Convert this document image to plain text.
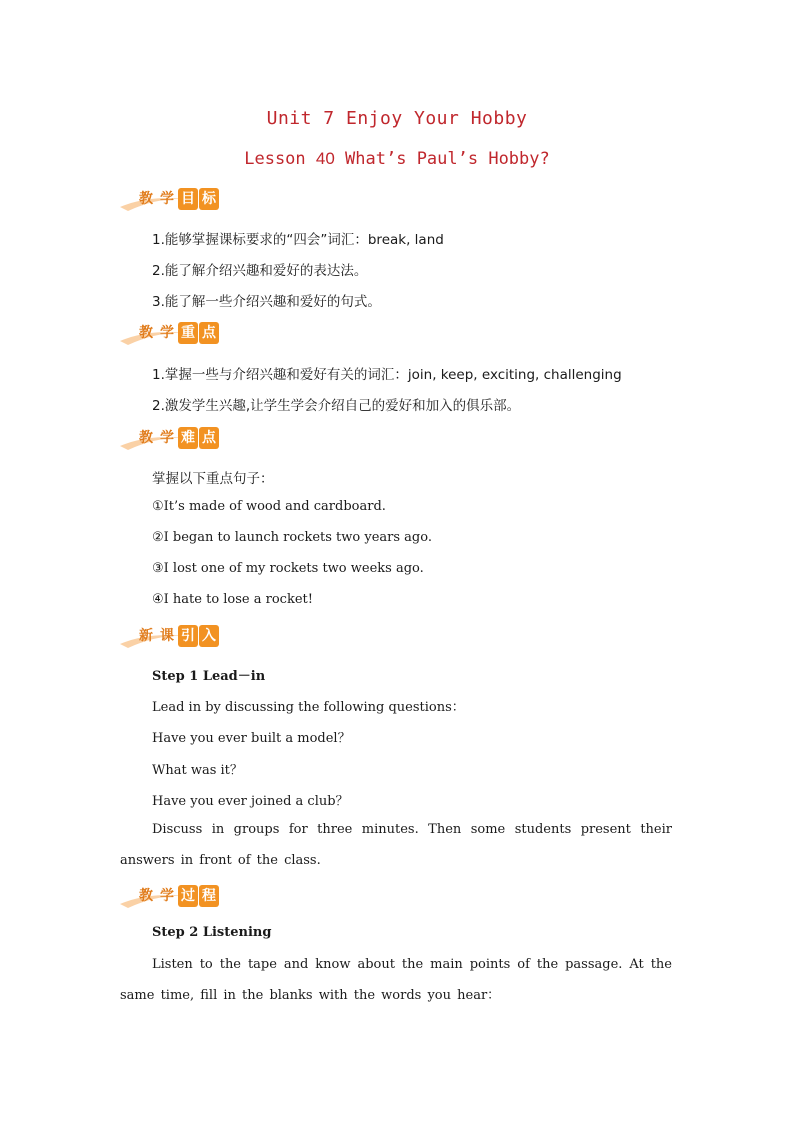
Unit 7 Enjoy Your Hobby
Lesson 40 What’s Paul’s Hobby?
教 学 目 标
1.能够掌握课标要求的“四会”词汇：break, land
2.能了解介绍兴趣和爱好的表达法。
3.能了解一些介绍兴趣和爱好的句式。
教 学 重 点
1.掌握一些与介绍兴趣和爱好有关的词汇：join, keep, exciting, challenging
2.激发学生兴趣,让学生学会介绍自己的爱好和加入的俱乐部。
教 学 难 点
掌握以下重点句子：
①It’s made of wood and cardboard.
②I began to launch rockets two years ago.
③I lost one of my rockets two weeks ago.
④I hate to lose a rocket!
新 课 引 入
Step 1 Lead－in
Lead in by discussing the following questions：
Have you ever built a model？
What was it？
Have you ever joined a club？
Discuss in groups for three minutes. Then some students present their answers in front of the class.
教 学 过 程
Step 2 Listening
Listen to the tape and know about the main points of the passage. At the same time, fill in the blanks with the words you hear：
